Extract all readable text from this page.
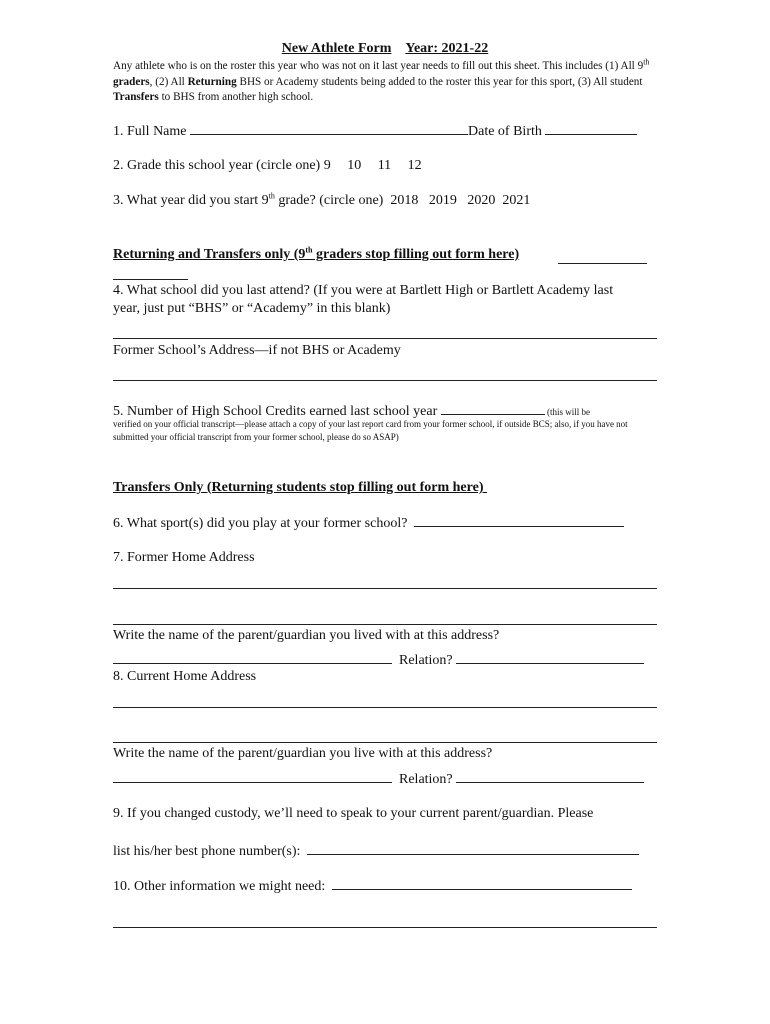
New Athlete Form Year: 2021-22
Any athlete who is on the roster this year who was not on it last year needs to fill out this sheet. This includes (1) All 9th graders, (2) All Returning BHS or Academy students being added to the roster this year for this sport, (3) All student Transfers to BHS from another high school.
1. Full Name	Date of Birth
2. Grade this school year (circle one) 9   10   11   12
3. What year did you start 9th grade? (circle one) 2018   2019   2020  2021
Returning and Transfers only (9th graders stop filling out form here)
4. What school did you last attend? (If you were at Bartlett High or Bartlett Academy last
year, just put “BHS” or “Academy” in this blank)
Former School’s Address—if not BHS or Academy
5. Number of High School Credits earned last school year	(this will be
verified on your official transcript—please attach a copy of your last report card from your former school, if outside BCS; also, if you have not submitted your official transcript from your former school, please do so ASAP)
Transfers Only (Returning students stop filling out form here)
6. What sport(s) did you play at your former school?
7. Former Home Address
Write the name of the parent/guardian you lived with at this address?
Relation?
8. Current Home Address
Write the name of the parent/guardian you live with at this address?
Relation?
9. If you changed custody, we’ll need to speak to your current parent/guardian. Please
list his/her best phone number(s):
10. Other information we might need:
